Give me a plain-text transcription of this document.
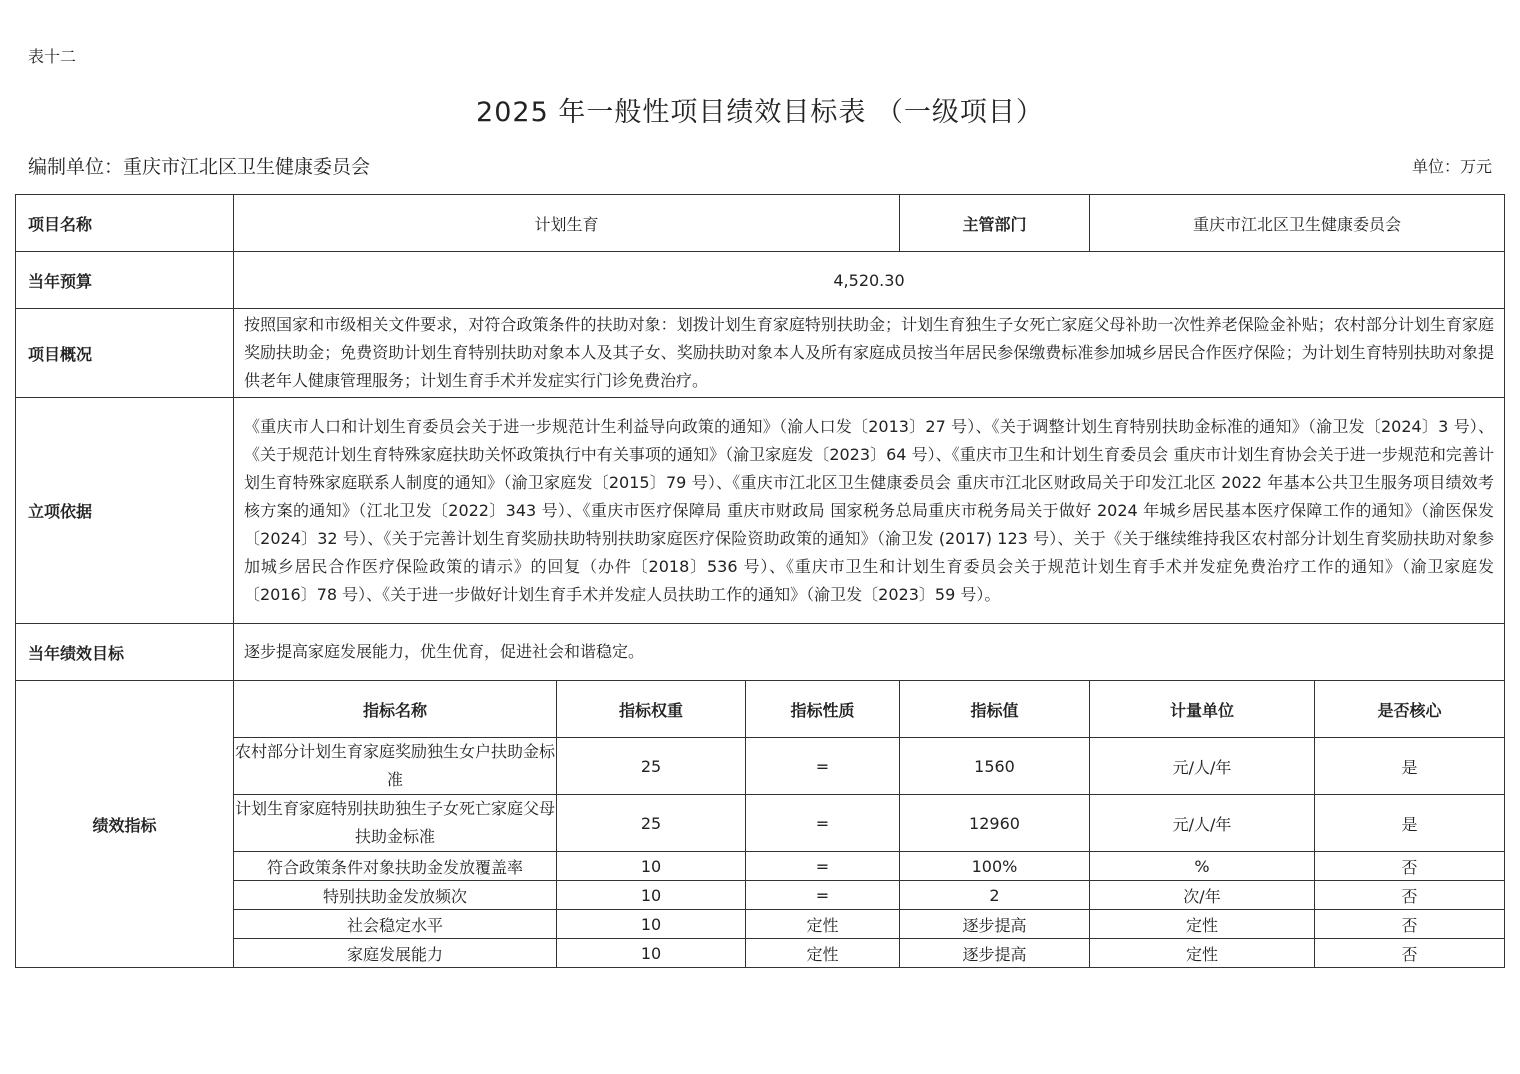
表十二
2025 年一般性项目绩效目标表 （一级项目）
编制单位：重庆市江北区卫生健康委员会	单位：万元
项目名称	计划生育			主管部门	重庆市江北区卫生健康委员会	
当年预算	4,520.30					
项目概况	按照国家和市级相关文件要求，对符合政策条件的扶助对象：划拨计划生育家庭特别扶助金；计划生育独生子女死亡家庭父母补助一次性养老保险金补贴；农村部分计划生育家庭奖励扶助金；免费资助计划生育特别扶助对象本人及其子女、奖励扶助对象本人及所有家庭成员按当年居民参保缴费标准参加城乡居民合作医疗保险；为计划生育特别扶助对象提供老年人健康管理服务；计划生育手术并发症实行门诊免费治疗。					
立项依据	《重庆市人口和计划生育委员会关于进一步规范计生利益导向政策的通知》（渝人口发〔2013〕27 号）、《关于调整计划生育特别扶助金标准的通知》（渝卫发〔2024〕3 号）、《关于规范计划生育特殊家庭扶助关怀政策执行中有关事项的通知》（渝卫家庭发〔2023〕64 号）、《重庆市卫生和计划生育委员会 重庆市计划生育协会关于进一步规范和完善计划生育特殊家庭联系人制度的通知》（渝卫家庭发〔2015〕79 号）、《重庆市江北区卫生健康委员会 重庆市江北区财政局关于印发江北区 2022 年基本公共卫生服务项目绩效考核方案的通知》（江北卫发〔2022〕343 号）、《重庆市医疗保障局 重庆市财政局 国家税务总局重庆市税务局关于做好 2024 年城乡居民基本医疗保障工作的通知》（渝医保发〔2024〕32 号）、《关于完善计划生育奖励扶助特别扶助家庭医疗保险资助政策的通知》（渝卫发 (2017) 123 号）、关于《关于继续维持我区农村部分计划生育奖励扶助对象参加城乡居民合作医疗保险政策的请示》的回复（办件〔2018〕536 号）、《重庆市卫生和计划生育委员会关于规范计划生育手术并发症免费治疗工作的通知》（渝卫家庭发〔2016〕78 号）、《关于进一步做好计划生育手术并发症人员扶助工作的通知》（渝卫发〔2023〕59 号）。					
当年绩效目标	逐步提高家庭发展能力，优生优育，促进社会和谐稳定。					
绩效指标	指标名称	指标权重	指标性质	指标值	计量单位	是否核心
	农村部分计划生育家庭奖励独生女户扶助金标准	25	=	1560	元/人/年	是
	计划生育家庭特别扶助独生子女死亡家庭父母扶助金标准	25	=	12960	元/人/年	是
	符合政策条件对象扶助金发放覆盖率	10	=	100%	%	否
	特别扶助金发放频次	10	=	2	次/年	否
	社会稳定水平	10	定性	逐步提高	定性	否
	家庭发展能力	10	定性	逐步提高	定性	否
